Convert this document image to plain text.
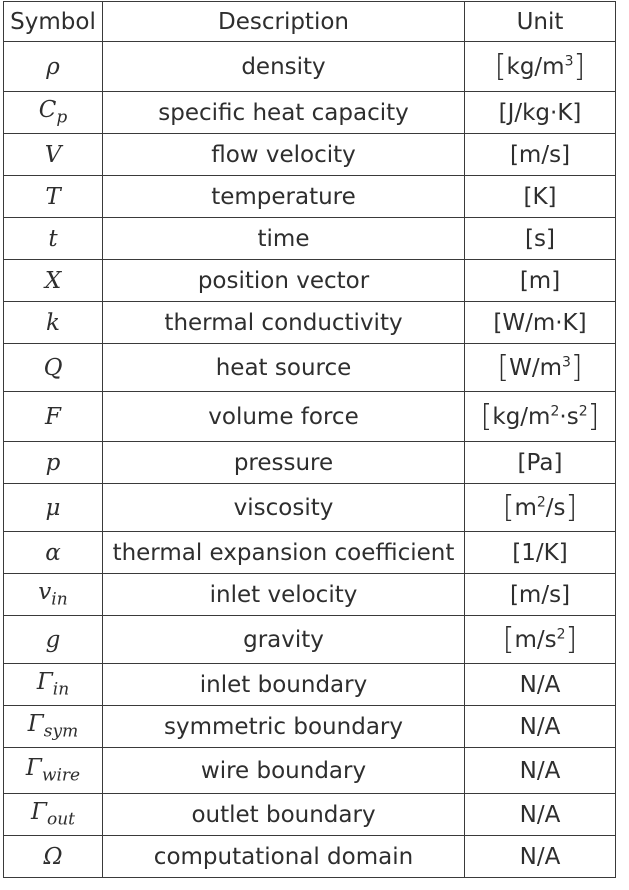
Symbol	Description	Unit
ρ	density	$[kg/m^3]$
$C_p$	specific heat capacity	[J/kg·K]
V	flow velocity	[m/s]
T	temperature	[K]
t	time	[s]
X	position vector	[m]
k	thermal conductivity	[W/m·K]
Q	heat source	$[W/m^3]$
F	volume force	$[kg/m^2\cdot s^2]$
p	pressure	[Pa]
μ	viscosity	$[m^2/s]$
α	thermal expansion coefficient	[1/K]
$v_{in}$	inlet velocity	[m/s]
g	gravity	$[m/s^2]$
$\Gamma_{in}$	inlet boundary	N/A
$\Gamma_{sym}$	symmetric boundary	N/A
$\Gamma_{wire}$	wire boundary	N/A
$\Gamma_{out}$	outlet boundary	N/A
Ω	computational domain	N/A
